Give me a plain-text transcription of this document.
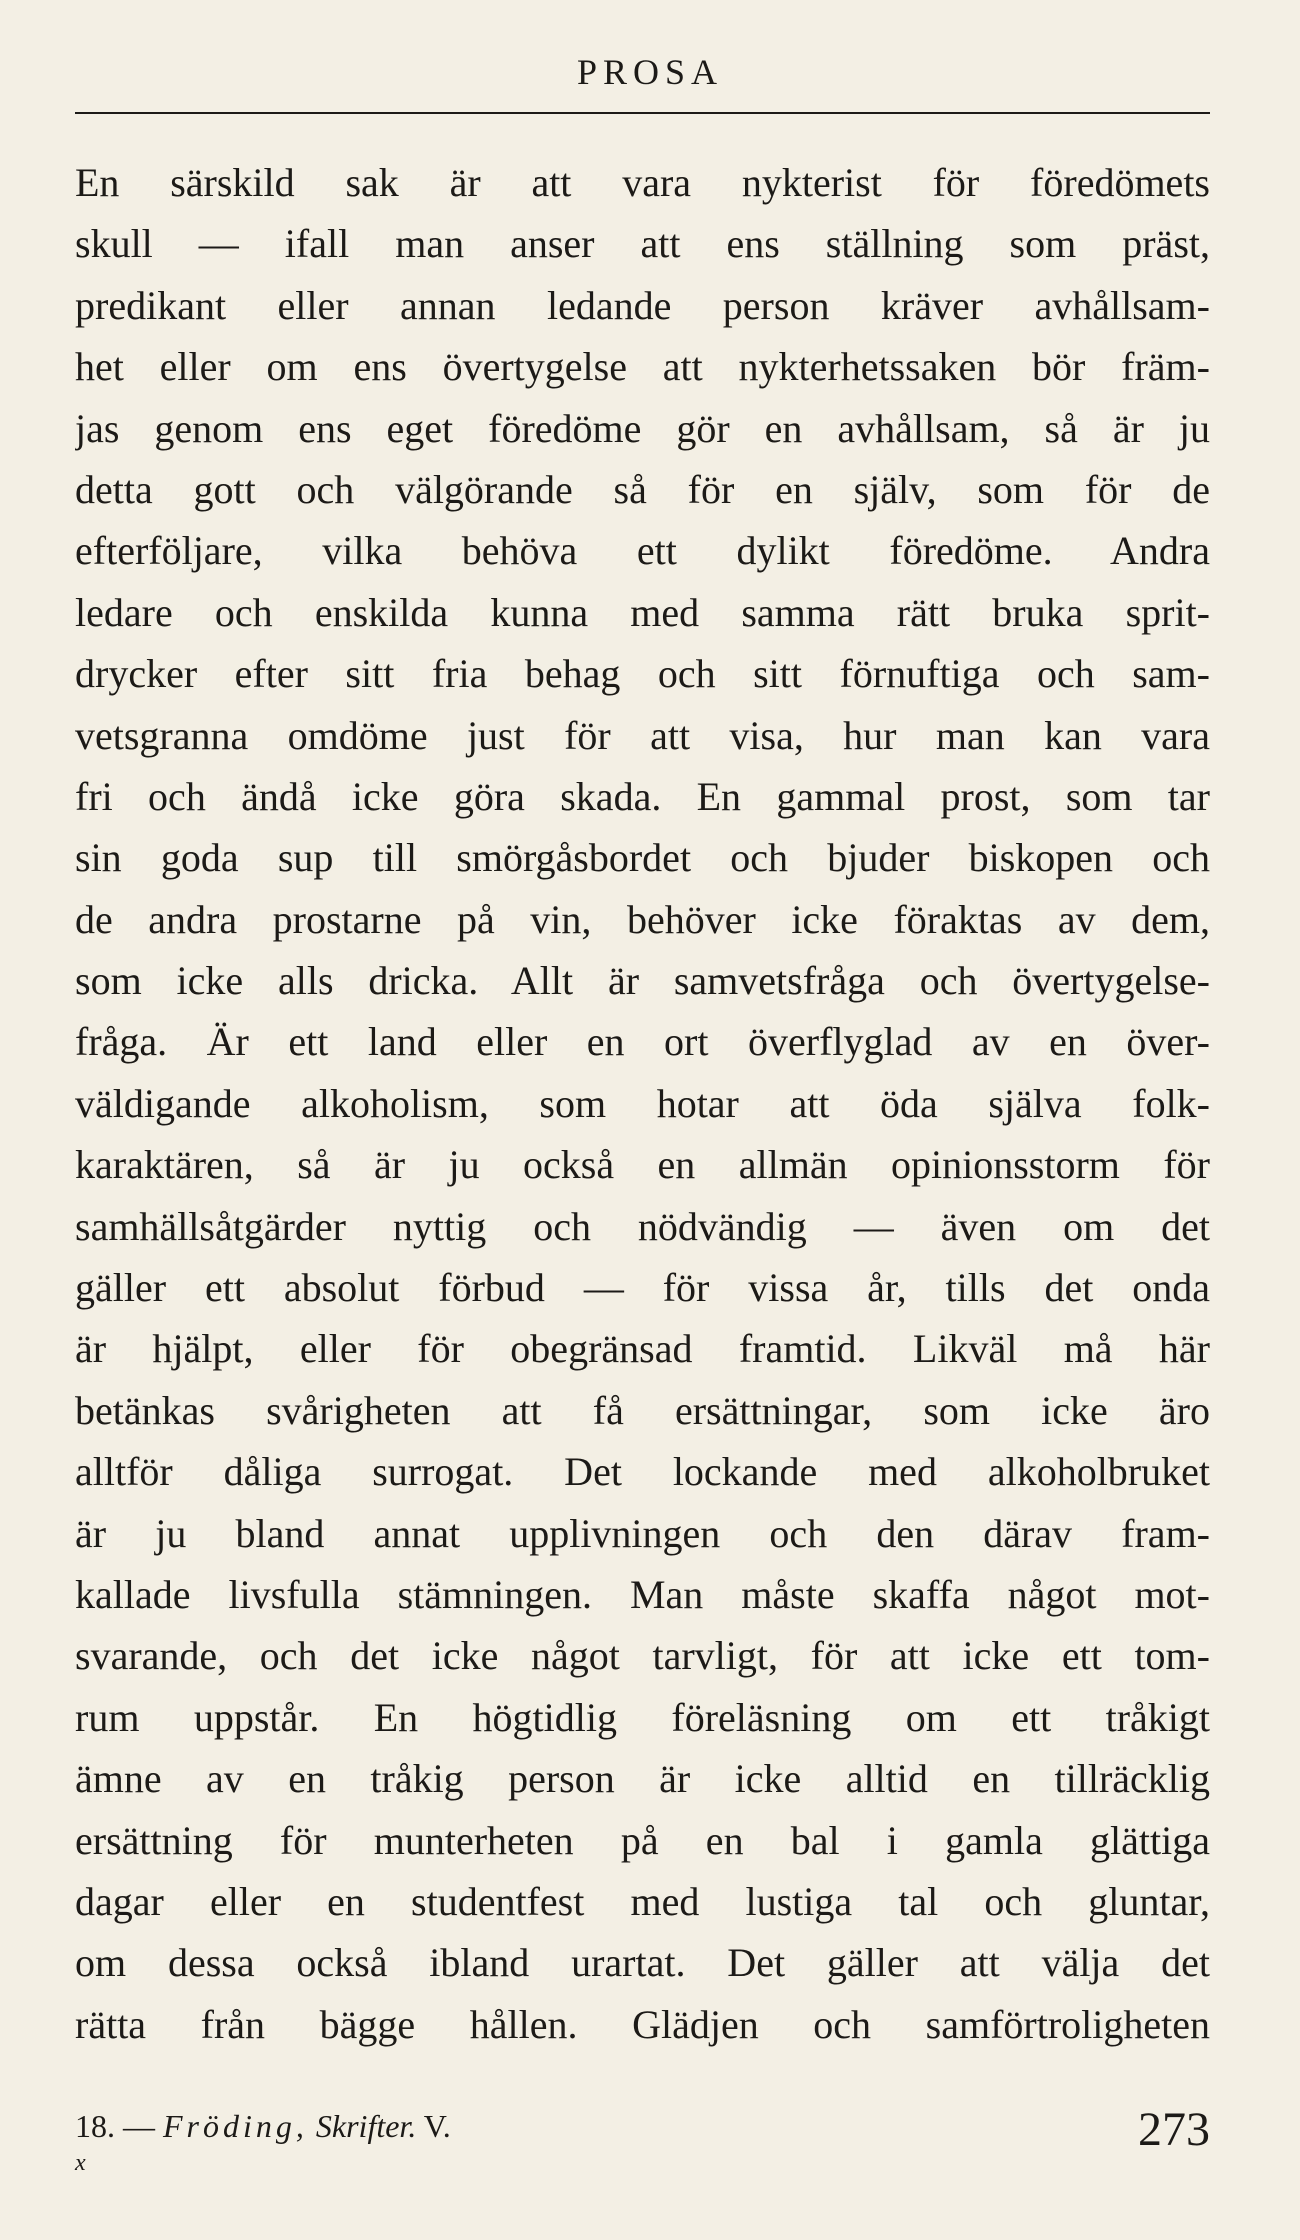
PROSA
En särskild sak är att vara nykterist för föredömets
skull — ifall man anser att ens ställning som präst,
predikant eller annan ledande person kräver avhållsam-
het eller om ens övertygelse att nykterhetssaken bör främ-
jas genom ens eget föredöme gör en avhållsam, så är ju
detta gott och välgörande så för en själv, som för de
efterföljare, vilka behöva ett dylikt föredöme. Andra
ledare och enskilda kunna med samma rätt bruka sprit-
drycker efter sitt fria behag och sitt förnuftiga och sam-
vetsgranna omdöme just för att visa, hur man kan vara
fri och ändå icke göra skada. En gammal prost, som tar
sin goda sup till smörgåsbordet och bjuder biskopen och
de andra prostarne på vin, behöver icke föraktas av dem,
som icke alls dricka. Allt är samvetsfråga och övertygelse-
fråga. Är ett land eller en ort överflyglad av en över-
väldigande alkoholism, som hotar att öda själva folk-
karaktären, så är ju också en allmän opinionsstorm för
samhällsåtgärder nyttig och nödvändig — även om det
gäller ett absolut förbud — för vissa år, tills det onda
är hjälpt, eller för obegränsad framtid. Likväl må här
betänkas svårigheten att få ersättningar, som icke äro
alltför dåliga surrogat. Det lockande med alkoholbruket
är ju bland annat upplivningen och den därav fram-
kallade livsfulla stämningen. Man måste skaffa något mot-
svarande, och det icke något tarvligt, för att icke ett tom-
rum uppstår. En högtidlig föreläsning om ett tråkigt
ämne av en tråkig person är icke alltid en tillräcklig
ersättning för munterheten på en bal i gamla glättiga
dagar eller en studentfest med lustiga tal och gluntar,
om dessa också ibland urartat. Det gäller att välja det
rätta från bägge hållen. Glädjen och samförtroligheten
18. — Fröding, Skrifter. V.
x
273
